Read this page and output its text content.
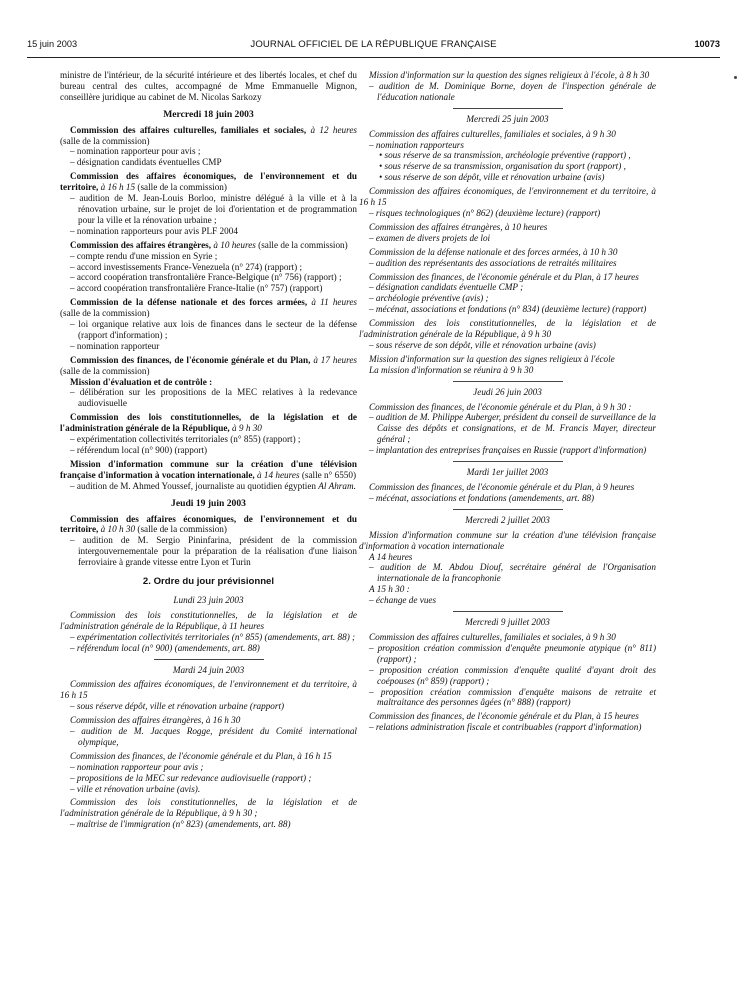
15 juin 2003	JOURNAL OFFICIEL DE LA RÉPUBLIQUE FRANÇAISE	10073

ministre de l'intérieur, de la sécurité intérieure et des libertés locales, et chef du bureau central des cultes, accompagné de Mme Emmanuelle Mignon, conseillère juridique au cabinet de M. Nicolas Sarkozy

Mercredi 18 juin 2003

Commission des affaires culturelles, familiales et sociales, à 12 heures (salle de la commission)

– nomination rapporteur pour avis ;

– désignation candidats éventuelles CMP

Commission des affaires économiques, de l'environnement et du territoire, à 16 h 15 (salle de la commission)

– audition de M. Jean-Louis Borloo, ministre délégué à la ville et à la rénovation urbaine, sur le projet de loi d'orientation et de programmation pour la ville et la rénovation urbaine ;

– nomination rapporteurs pour avis PLF 2004

Commission des affaires étrangères, à 10 heures (salle de la commission)

– compte rendu d'une mission en Syrie ;

– accord investissements France-Venezuela (n° 274) (rapport) ;

– accord coopération transfrontalière France-Belgique (n° 756) (rapport) ;

– accord coopération transfrontalière France-Italie (n° 757) (rapport)

Commission de la défense nationale et des forces armées, à 11 heures (salle de la commission)

– loi organique relative aux lois de finances dans le secteur de la défense (rapport d'information) ;

– nomination rapporteur

Commission des finances, de l'économie générale et du Plan, à 17 heures (salle de la commission)

Mission d'évaluation et de contrôle :

– délibération sur les propositions de la MEC relatives à la redevance audiovisuelle

Commission des lois constitutionnelles, de la législation et de l'administration générale de la République, à 9 h 30

– expérimentation collectivités territoriales (n° 855) (rapport) ;

– référendum local (n° 900) (rapport)

Mission d'information commune sur la création d'une télévision française d'information à vocation internationale, à 14 heures (salle n° 6550)

– audition de M. Ahmed Youssef, journaliste au quotidien égyptien Al Ahram.

Jeudi 19 juin 2003

Commission des affaires économiques, de l'environnement et du territoire, à 10 h 30 (salle de la commission)

– audition de M. Sergio Pininfarina, président de la commission intergouvernementale pour la préparation de la réalisation d'une liaison ferroviaire à grande vitesse entre Lyon et Turin

2. Ordre du jour prévisionnel

Lundi 23 juin 2003

Commission des lois constitutionnelles, de la législation et de l'administration générale de la République, à 11 heures

– expérimentation collectivités territoriales (n° 855) (amendements, art. 88) ;

– référendum local (n° 900) (amendements, art. 88)

Mardi 24 juin 2003

Commission des affaires économiques, de l'environnement et du territoire, à 16 h 15

– sous réserve dépôt, ville et rénovation urbaine (rapport)

Commission des affaires étrangères, à 16 h 30

– audition de M. Jacques Rogge, président du Comité international olympique,

Commission des finances, de l'économie générale et du Plan, à 16 h 15

– nomination rapporteur pour avis ;

– propositions de la MEC sur redevance audiovisuelle (rapport) ;

– ville et rénovation urbaine (avis).

Commission des lois constitutionnelles, de la législation et de l'administration générale de la République, à 9 h 30 ;

– maîtrise de l'immigration (n° 823) (amendements, art. 88)

Mission d'information sur la question des signes religieux à l'école, à 8 h 30

– audition de M. Dominique Borne, doyen de l'inspection générale de l'éducation nationale

Mercredi 25 juin 2003

Commission des affaires culturelles, familiales et sociales, à 9 h 30

– nomination rapporteurs

• sous réserve de sa transmission, archéologie préventive (rapport) ,

• sous réserve de sa transmission, organisation du sport (rapport) ,

• sous réserve de son dépôt, ville et rénovation urbaine (avis)

Commission des affaires économiques, de l'environnement et du territoire, à 16 h 15

– risques technologiques (n° 862) (deuxième lecture) (rapport)

Commission des affaires étrangères, à 10 heures

– examen de divers projets de loi

Commission de la défense nationale et des forces armées, à 10 h 30

– audition des représentants des associations de retraités militaires

Commission des finances, de l'économie générale et du Plan, à 17 heures

– désignation candidats éventuelle CMP ;

– archéologie préventive (avis) ;

– mécénat, associations et fondations (n° 834) (deuxième lecture) (rapport)

Commission des lois constitutionnelles, de la législation et de l'administration générale de la République, à 9 h 30

– sous réserve de son dépôt, ville et rénovation urbaine (avis)

Mission d'information sur la question des signes religieux à l'école

La mission d'information se réunira à 9 h 30

Jeudi 26 juin 2003

Commission des finances, de l'économie générale et du Plan, à 9 h 30 :

– audition de M. Philippe Auberger, président du conseil de surveillance de la Caisse des dépôts et consignations, et de M. Francis Mayer, directeur général ;

– implantation des entreprises françaises en Russie (rapport d'information)

Mardi 1er juillet 2003

Commission des finances, de l'économie générale et du Plan, à 9 heures

– mécénat, associations et fondations (amendements, art. 88)

Mercredi 2 juillet 2003

Mission d'information commune sur la création d'une télévision française d'information à vocation internationale

A 14 heures

– audition de M. Abdou Diouf, secrétaire général de l'Organisation internationale de la francophonie

A 15 h 30 :

– échange de vues

Mercredi 9 juillet 2003

Commission des affaires culturelles, familiales et sociales, à 9 h 30

– proposition création commission d'enquête pneumonie atypique (n° 811) (rapport) ;

– proposition création commission d'enquête qualité d'ayant droit des coépouses (n° 859) (rapport) ;

– proposition création commission d'enquête maisons de retraite et maltraitance des personnes âgées (n° 888) (rapport)

Commission des finances, de l'économie générale et du Plan, à 15 heures

– relations administration fiscale et contribuables (rapport d'information)
